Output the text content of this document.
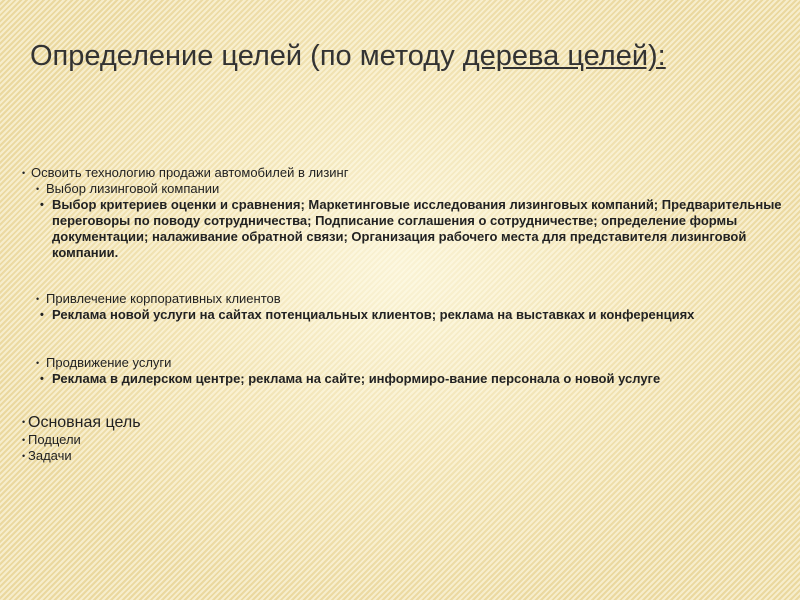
Определение целей (по методу дерева целей):
• Освоить технологию продажи автомобилей в лизинг
• Выбор лизинговой компании
• Выбор критериев оценки и сравнения; Маркетинговые исследования лизинговых компаний; Предварительные переговоры по поводу сотрудничества; Подписание соглашения о сотрудничестве; определение формы документации; налаживание обратной связи; Организация рабочего места для представителя лизинговой компании.
• Привлечение корпоративных клиентов
• Реклама новой услуги на сайтах потенциальных клиентов; реклама на выставках и конференциях
• Продвижение услуги
• Реклама в дилерском центре; реклама на сайте; информиро-вание персонала о новой услуге
• Основная цель
• Подцели
• Задачи
